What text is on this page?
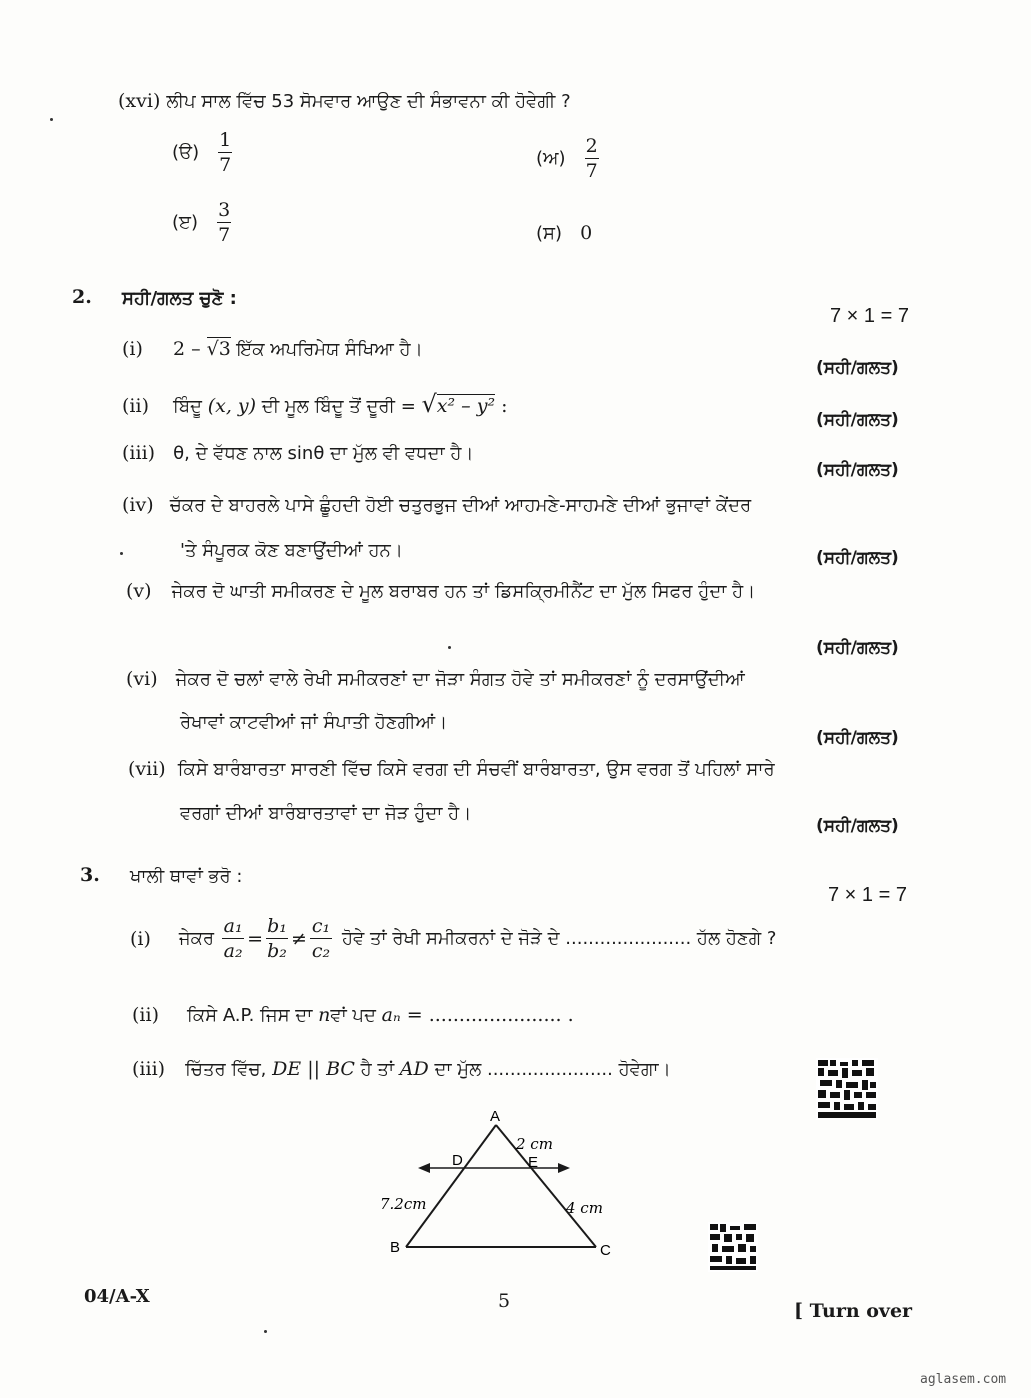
(xvi) ਲੀਪ ਸਾਲ ਵਿੱਚ 53 ਸੋਮਵਾਰ ਆਉਣ ਦੀ ਸੰਭਾਵਨਾ ਕੀ ਹੋਵੇਗੀ ?
(ੳ) $\frac{1}{7}$	(ਅ) $\frac{2}{7}$
(ੲ) $\frac{3}{7}$	(ਸ) 0
2. ਸਹੀ/ਗਲਤ ਚੁਣੋ :
7 × 1 = 7
(i) 2 – √3 ਇੱਕ ਅਪਰਿਮੇਯ ਸੰਖਿਆ ਹੈ।
(ਸਹੀ/ਗਲਤ)
(ii) ਬਿੰਦੂ (x, y) ਦੀ ਮੂਲ ਬਿੰਦੂ ਤੋਂ ਦੂਰੀ = √x² – y² :
(ਸਹੀ/ਗਲਤ)
(iii) θ, ਦੇ ਵੱਧਣ ਨਾਲ sinθ ਦਾ ਮੁੱਲ ਵੀ ਵਧਦਾ ਹੈ।
(ਸਹੀ/ਗਲਤ)
(iv) ਚੱਕਰ ਦੇ ਬਾਹਰਲੇ ਪਾਸੇ ਛੂੰਹਦੀ ਹੋਈ ਚਤੁਰਭੁਜ ਦੀਆਂ ਆਹਮਣੇ-ਸਾਹਮਣੇ ਦੀਆਂ ਭੁਜਾਵਾਂ ਕੇਂਦਰ
'ਤੇ ਸੰਪੂਰਕ ਕੋਣ ਬਣਾਉਂਦੀਆਂ ਹਨ।	(ਸਹੀ/ਗਲਤ)
(v) ਜੇਕਰ ਦੋ ਘਾਤੀ ਸਮੀਕਰਣ ਦੇ ਮੂਲ ਬਰਾਬਰ ਹਨ ਤਾਂ ਡਿਸਕ੍ਰਿਮੀਨੈਂਟ ਦਾ ਮੁੱਲ ਸਿਫਰ ਹੁੰਦਾ ਹੈ।
(ਸਹੀ/ਗਲਤ)
(vi) ਜੇਕਰ ਦੋ ਚਲਾਂ ਵਾਲੇ ਰੇਖੀ ਸਮੀਕਰਣਾਂ ਦਾ ਜੋੜਾ ਸੰਗਤ ਹੋਵੇ ਤਾਂ ਸਮੀਕਰਣਾਂ ਨੂੰ ਦਰਸਾਉਂਦੀਆਂ
ਰੇਖਾਵਾਂ ਕਾਟਵੀਆਂ ਜਾਂ ਸੰਪਾਤੀ ਹੋਣਗੀਆਂ।
(ਸਹੀ/ਗਲਤ)
(vii) ਕਿਸੇ ਬਾਰੰਬਾਰਤਾ ਸਾਰਣੀ ਵਿੱਚ ਕਿਸੇ ਵਰਗ ਦੀ ਸੰਚਵੀਂ ਬਾਰੰਬਾਰਤਾ, ਉਸ ਵਰਗ ਤੋਂ ਪਹਿਲਾਂ ਸਾਰੇ
ਵਰਗਾਂ ਦੀਆਂ ਬਾਰੰਬਾਰਤਾਵਾਂ ਦਾ ਜੋੜ ਹੁੰਦਾ ਹੈ।
(ਸਹੀ/ਗਲਤ)
3. ਖਾਲੀ ਥਾਵਾਂ ਭਰੋ :
7 × 1 = 7
(i) ਜੇਕਰ $\frac{\text{a₁}}{\text{a₂}} = \frac{\text{b₁}}{\text{b₂}} \ne \frac{\text{c₁}}{\text{c₂}}$ ਹੋਵੇ ਤਾਂ ਰੇਖੀ ਸਮੀਕਰਨਾਂ ਦੇ ਜੋੜੇ ਦੇ ...................... ਹੱਲ ਹੋਣਗੇ ?
(ii) ਕਿਸੇ A.P. ਜਿਸ ਦਾ nਵਾਂ ਪਦ aₙ = ...................... .
(iii) ਚਿੱਤਰ ਵਿੱਚ, DE || BC ਹੈ ਤਾਂ AD ਦਾ ਮੁੱਲ ...................... ਹੋਵੇਗਾ।
A
B	C
D	E
2 cm
7.2cm	4 cm
04/A-X	5	[ Turn over
aglasem.com
